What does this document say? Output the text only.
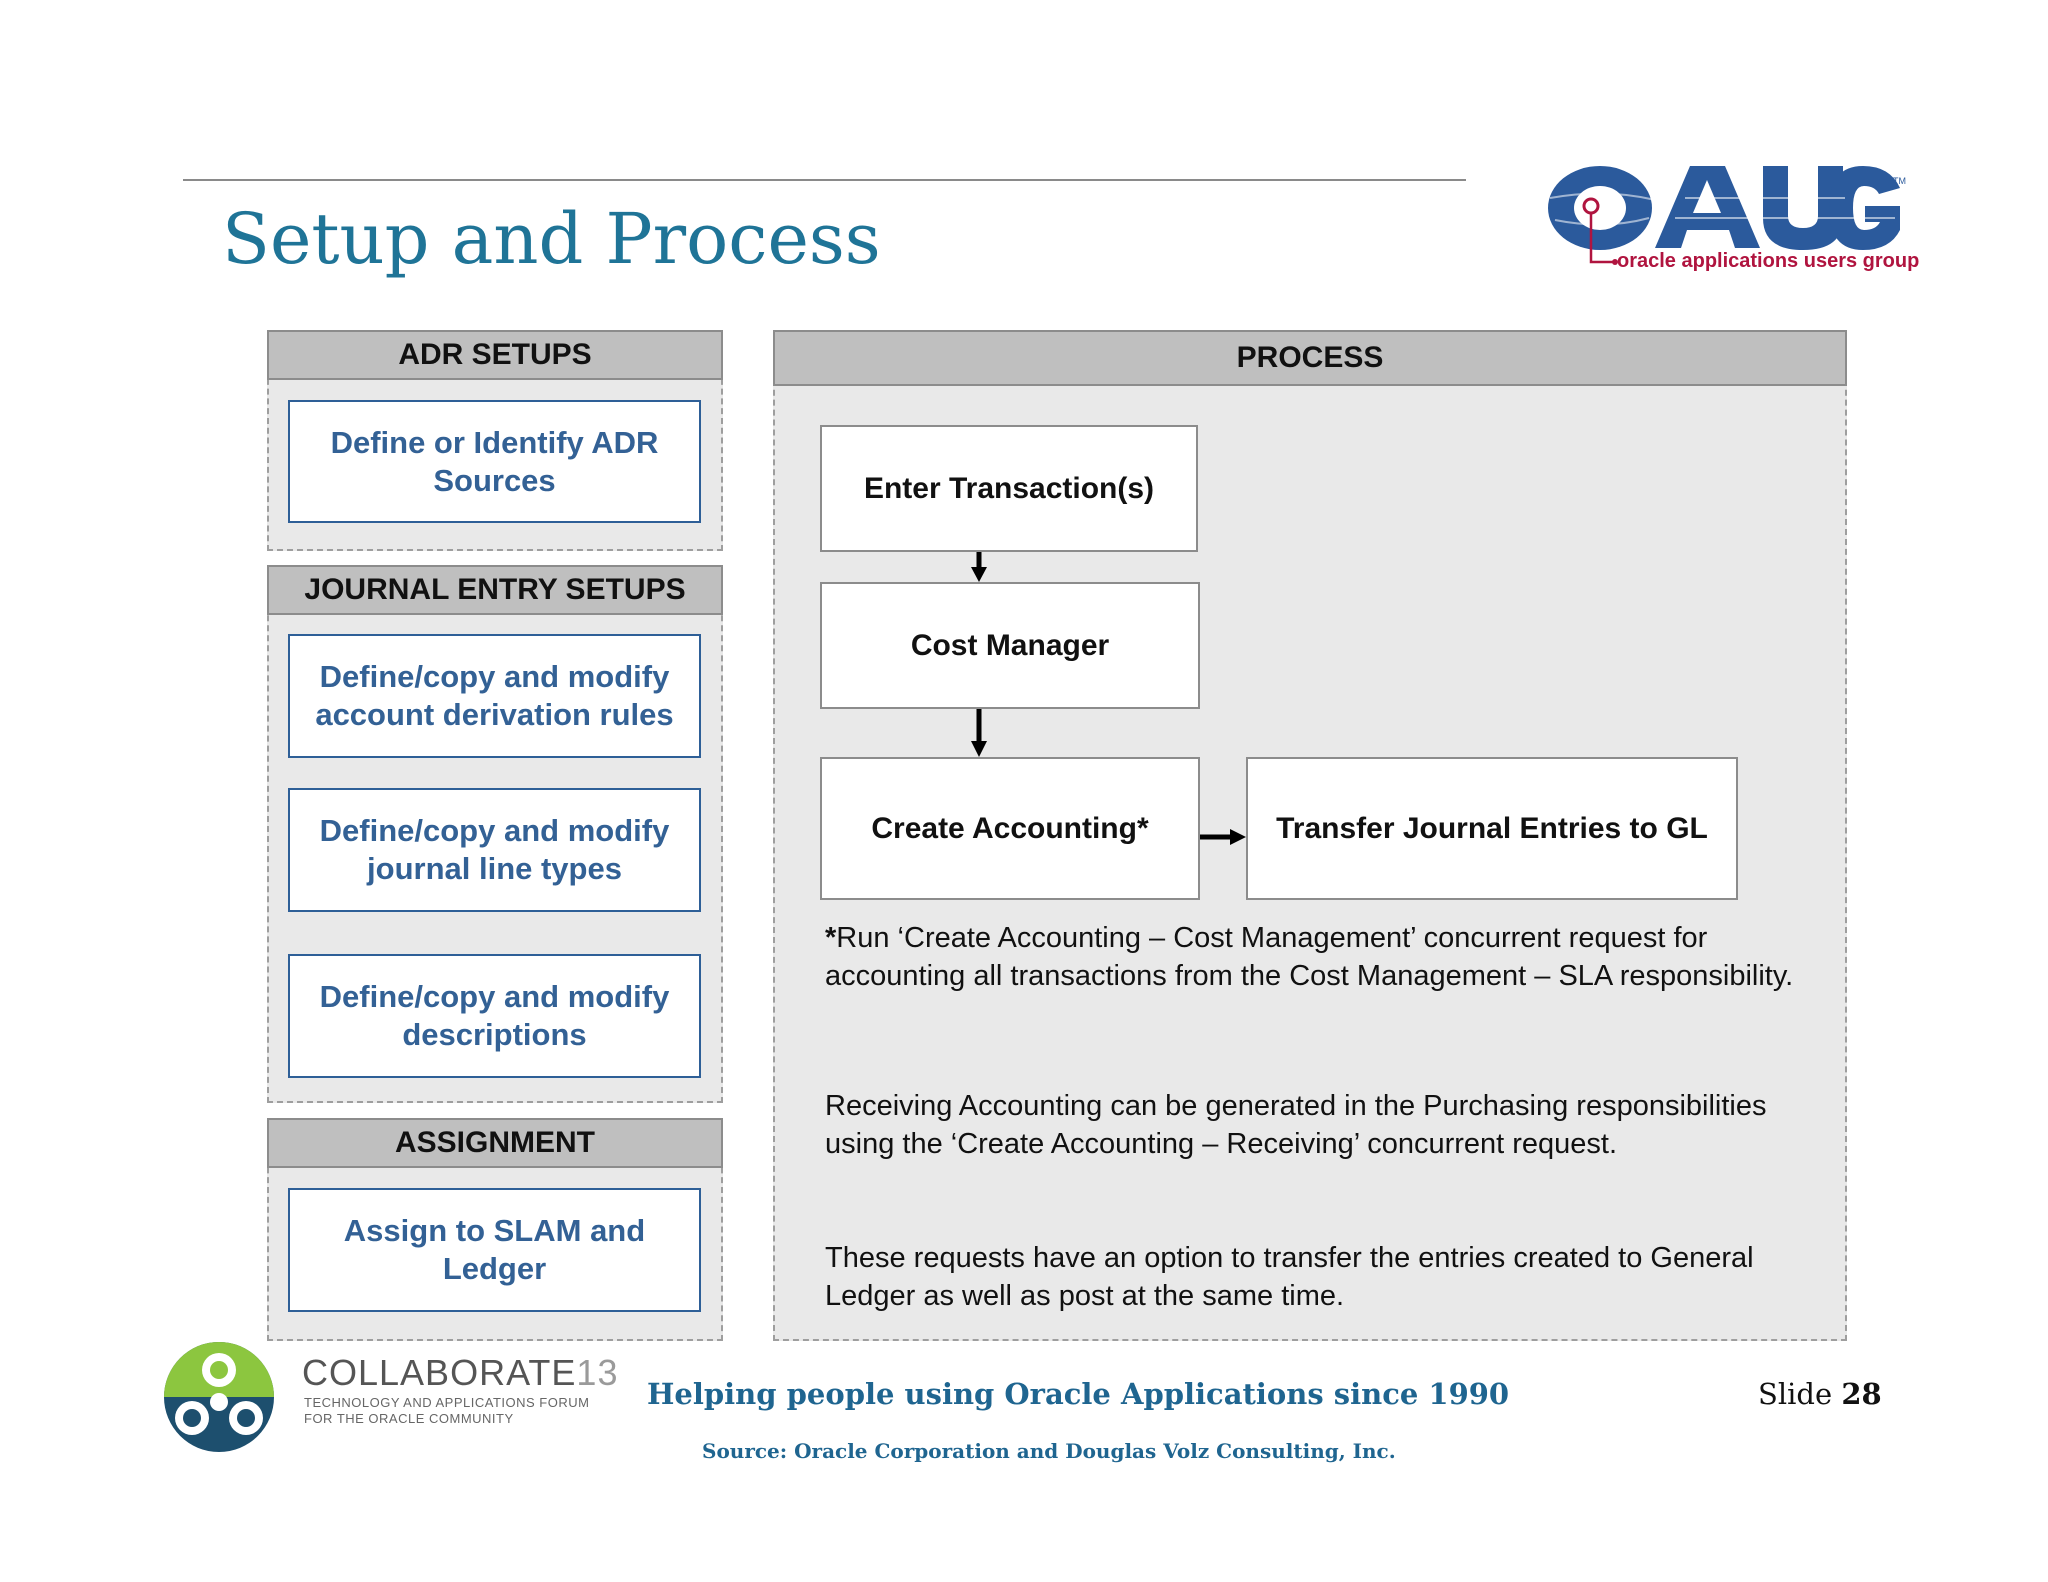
Setup and Process
TM
oracle applications users group
ADR SETUPS
Define or Identify ADR Sources
JOURNAL ENTRY SETUPS
Define/copy and modify account derivation rules
Define/copy and modify journal line types
Define/copy and modify descriptions
ASSIGNMENT
Assign to SLAM and Ledger
PROCESS
Enter Transaction(s)
Cost Manager
Create Accounting*	Transfer Journal Entries to GL
*Run ‘Create Accounting – Cost Management’ concurrent request for accounting all transactions from the Cost Management – SLA responsibility.
Receiving Accounting can be generated in the Purchasing responsibilities using the ‘Create Accounting – Receiving’ concurrent request.
These requests have an option to transfer the entries created to General Ledger as well as post at the same time.
COLLABORATE13
TECHNOLOGY AND APPLICATIONS FORUM
FOR THE ORACLE COMMUNITY
Helping people using Oracle Applications since 1990
Source: Oracle Corporation and Douglas Volz Consulting, Inc.
Slide 28
